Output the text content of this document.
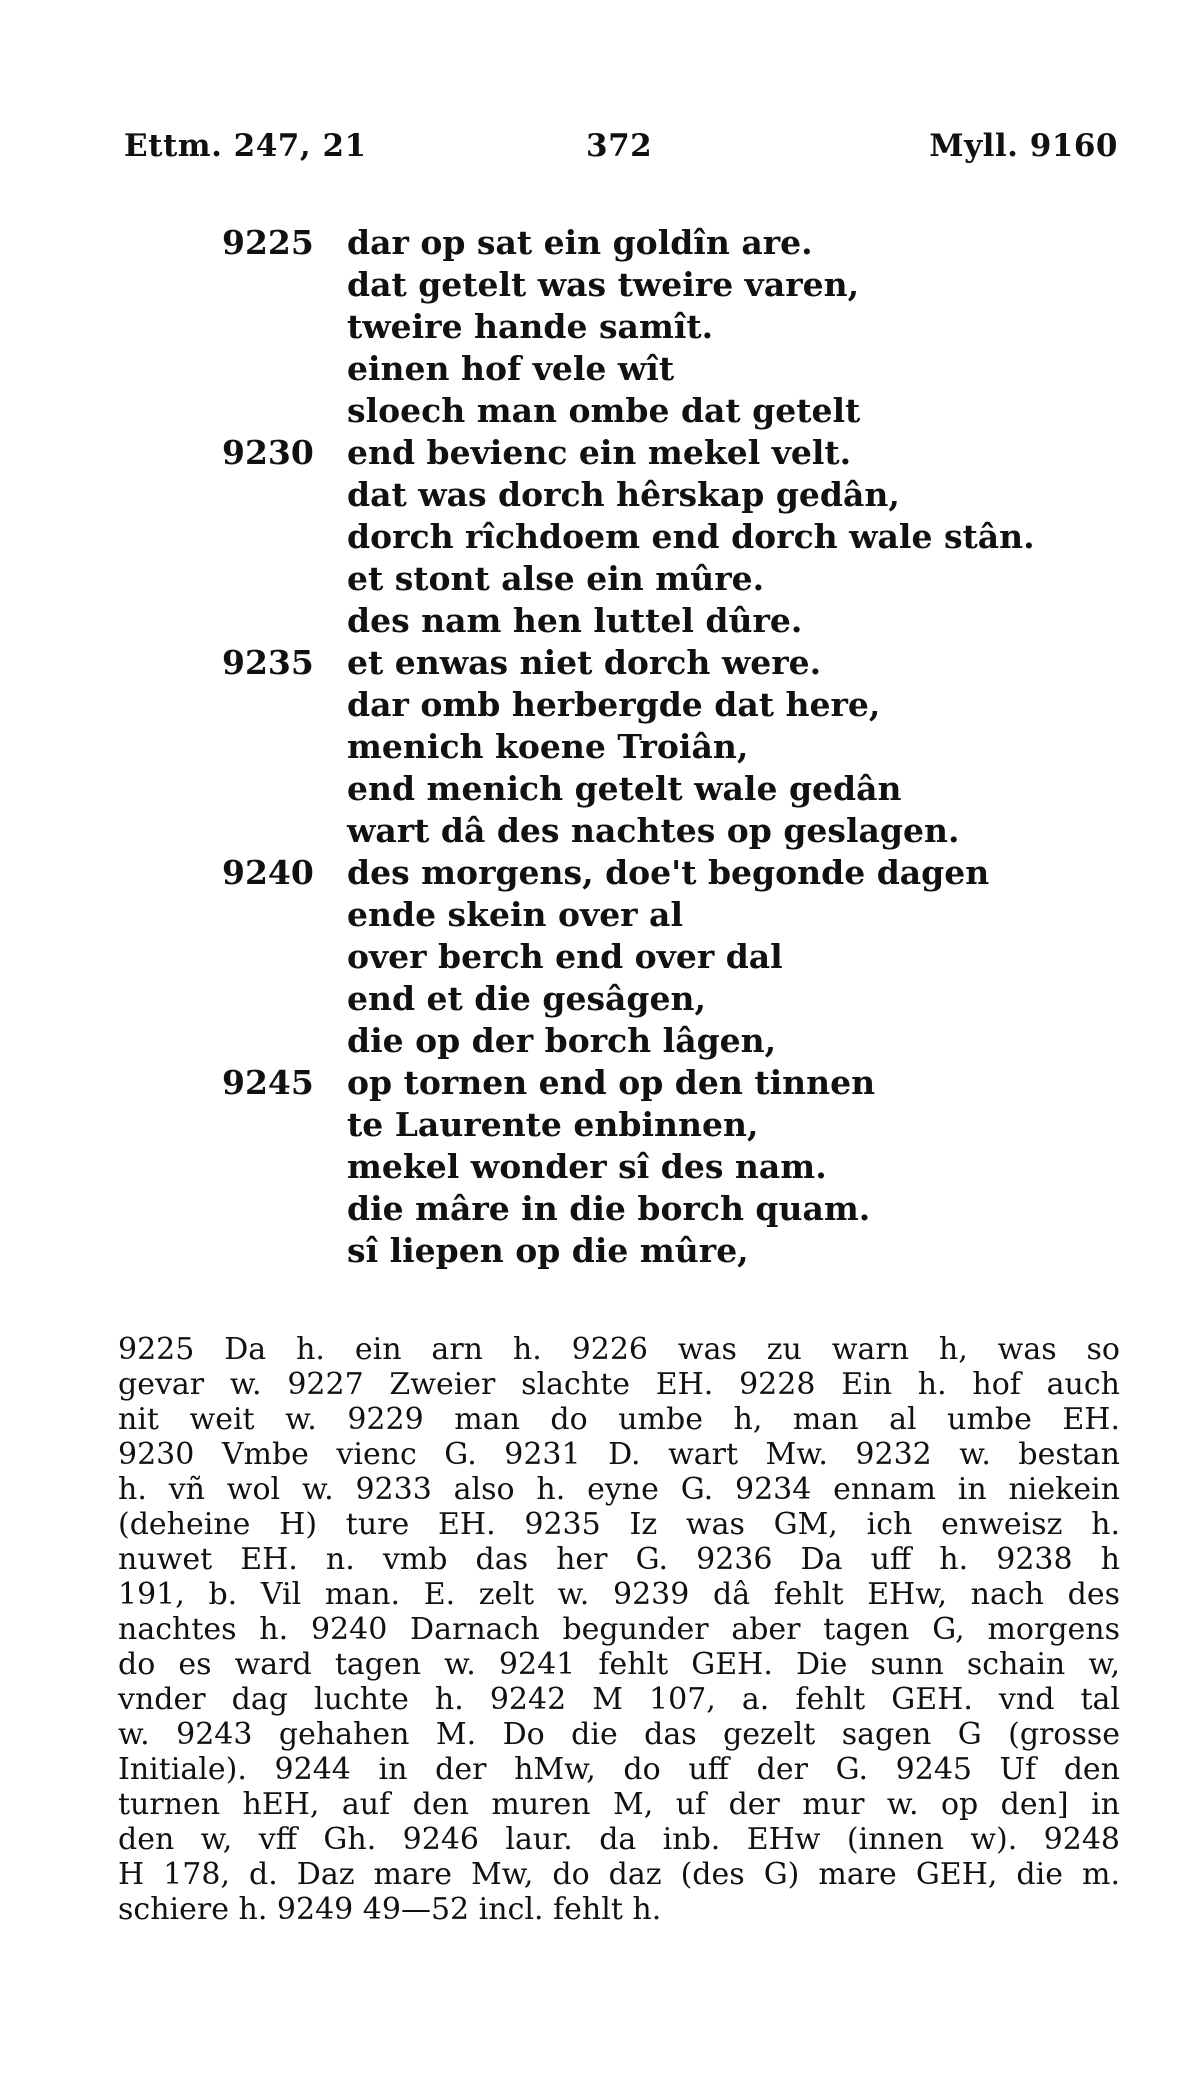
Ettm. 247, 21	372	Myll. 9160
9225 dar op sat ein goldîn are.
dat getelt was tweire varen,
tweire hande samît.
einen hof vele wît
sloech man ombe dat getelt
9230 end bevienc ein mekel velt.
dat was dorch hêrskap gedân,
dorch rîchdoem end dorch wale stân.
et stont alse ein mûre.
des nam hen luttel dûre.
9235 et enwas niet dorch were.
dar omb herbergde dat here,
menich koene Troiân,
end menich getelt wale gedân
wart dâ des nachtes op geslagen.
9240 des morgens, doe't begonde dagen
ende skein over al
over berch end over dal
end et die gesâgen,
die op der borch lâgen,
9245 op tornen end op den tinnen
te Laurente enbinnen,
mekel wonder sî des nam.
die mâre in die borch quam.
sî liepen op die mûre,
9225 Da h. ein arn h. 9226 was zu warn h, was so
gevar w. 9227 Zweier slachte EH. 9228 Ein h. hof auch
nit weit w. 9229 man do umbe h, man al umbe EH.
9230 Vmbe vienc G. 9231 D. wart Mw. 9232 w. bestan
h. vñ wol w. 9233 also h. eyne G. 9234 ennam in niekein
(deheine H) ture EH. 9235 Iz was GM, ich enweisz h.
nuwet EH. n. vmb das her G. 9236 Da uff h. 9238 h
191, b. Vil man. E. zelt w. 9239 dâ fehlt EHw, nach des
nachtes h. 9240 Darnach begunder aber tagen G, morgens
do es ward tagen w. 9241 fehlt GEH. Die sunn schain w,
vnder dag luchte h. 9242 M 107, a. fehlt GEH. vnd tal
w. 9243 gehahen M. Do die das gezelt sagen G (grosse
Initiale). 9244 in der hMw, do uff der G. 9245 Uf den
turnen hEH, auf den muren M, uf der mur w. op den] in
den w, vff Gh. 9246 laur. da inb. EHw (innen w). 9248
H 178, d. Daz mare Mw, do daz (des G) mare GEH, die m.
schiere h. 9249 49—52 incl. fehlt h.
